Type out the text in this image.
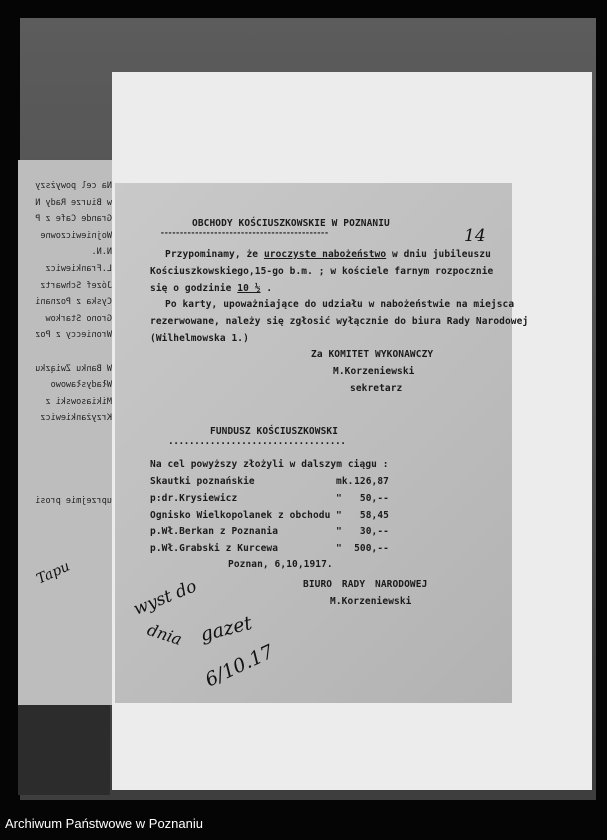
Na cel powyższy
w Biurze Rady N
Grande Cafe z P
Wojniewiczowne
N.N.
L.Frankiewicz
Józef Schwartz
Cyska z Poznani
Grono Starkow
Wronieccy z Poz
W Banku Związku
Władysławowo
Mikiasowski z
Krzyżankiewicz
uprzejmie prosi
Tapu
OBCHODY KOŚCIUSZKOWSKIE W POZNANIU
--------------------------------------------	14
Przypominamy, że uroczyste nabożeństwo w dniu jubileuszu
Kościuszkowskiego,15-go b.m. ; w kościele farnym rozpocznie
się o godzinie 10 ½ .
Po karty, upoważniające do udziału w nabożeństwie na miejsca
rezerwowane, należy się zgłosić wyłącznie do biura Rady Narodowej
(Wilhelmowska 1.)
Za KOMITET WYKONAWCZY
M.Korzeniewski
sekretarz
FUNDUSZ KOŚCIUSZKOWSKI
..................................
Na cel powyższy złożyli w dalszym ciągu :
Skautki poznańskie	mk. 126,87
p:dr.Krysiewicz	"	50,--
Ognisko Wielkopolanek z obchodu "	58,45
p.Wł.Berkan z Poznania	"	30,--
p.Wł.Grabski z Kurcewa	"	500,--
Poznan, 6,10,1917.
BIURO RADY NARODOWEJ
M.Korzeniewski
wyst do
gazet
dnia
6/10.17
Archiwum Państwowe w Poznaniu
